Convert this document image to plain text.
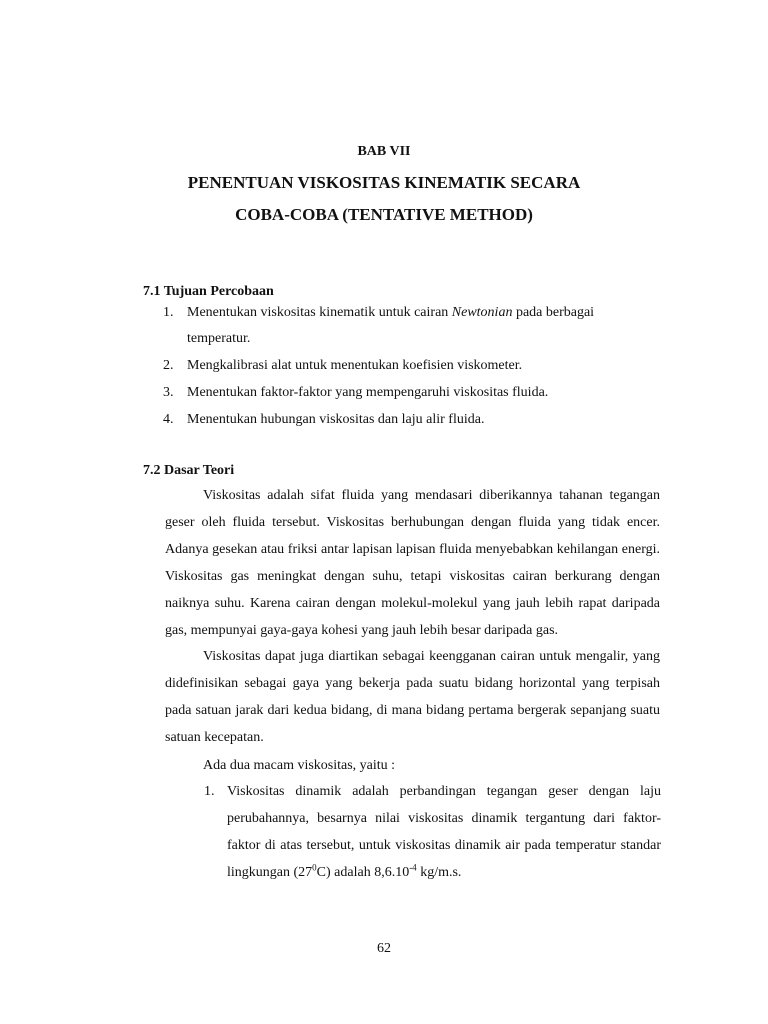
BAB VII
PENENTUAN VISKOSITAS KINEMATIK SECARA
COBA-COBA (TENTATIVE METHOD)
7.1 Tujuan Percobaan
1. Menentukan viskositas kinematik untuk cairan Newtonian pada berbagai
temperatur.
2. Mengkalibrasi alat untuk menentukan koefisien viskometer.
3. Menentukan faktor-faktor yang mempengaruhi viskositas fluida.
4. Menentukan hubungan viskositas dan laju alir fluida.
7.2 Dasar Teori
Viskositas adalah sifat fluida yang mendasari diberikannya tahanan tegangan geser oleh fluida tersebut. Viskositas berhubungan dengan fluida yang tidak encer. Adanya gesekan atau friksi antar lapisan lapisan fluida menyebabkan kehilangan energi. Viskositas gas meningkat dengan suhu, tetapi viskositas cairan berkurang dengan naiknya suhu. Karena cairan dengan molekul-molekul yang jauh lebih rapat daripada gas, mempunyai gaya-gaya kohesi yang jauh lebih besar daripada gas.
Viskositas dapat juga diartikan sebagai keengganan cairan untuk mengalir, yang didefinisikan sebagai gaya yang bekerja pada suatu bidang horizontal yang terpisah pada satuan jarak dari kedua bidang, di mana bidang pertama bergerak sepanjang suatu satuan kecepatan.
Ada dua macam viskositas, yaitu :
1. Viskositas dinamik adalah perbandingan tegangan geser dengan laju perubahannya, besarnya nilai viskositas dinamik tergantung dari faktor-faktor di atas tersebut, untuk viskositas dinamik air pada temperatur standar lingkungan $(27^0C)$ adalah $8,6.10^{-4}$ kg/m.s.
62
